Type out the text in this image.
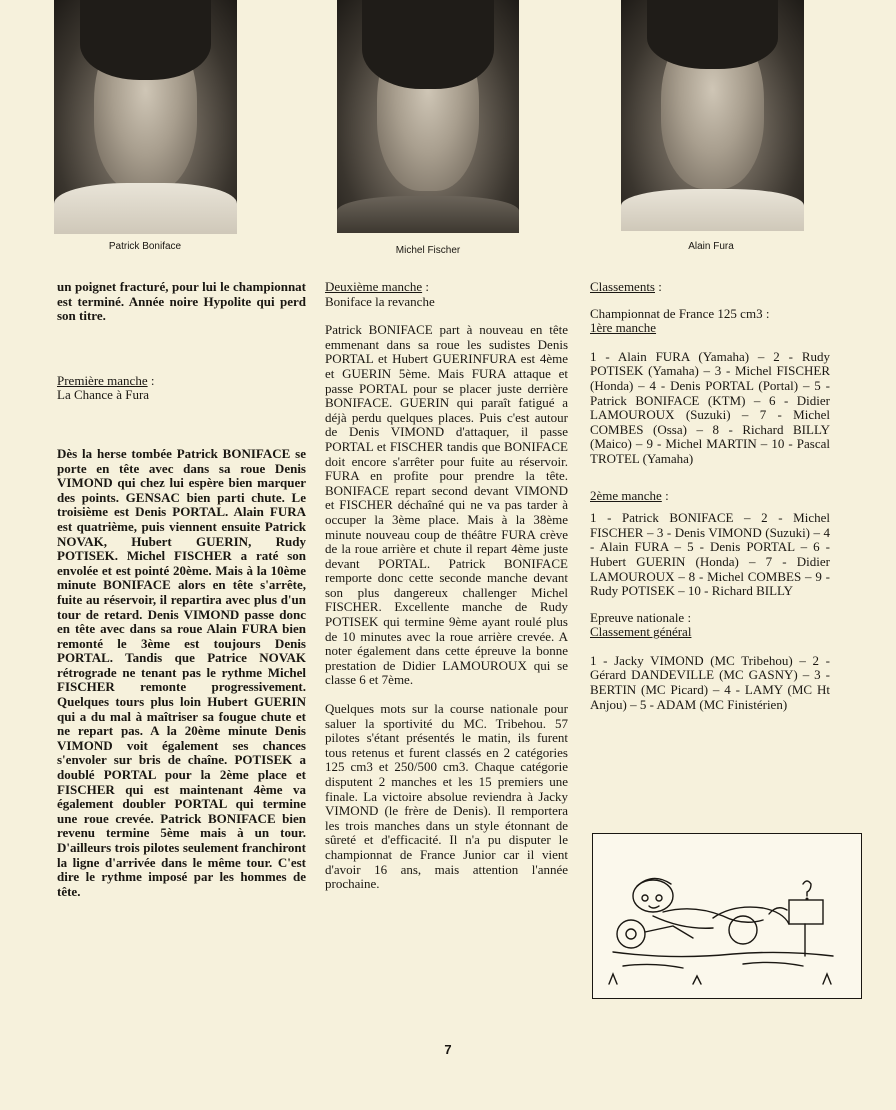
Patrick Boniface	Michel Fischer	Alain Fura

un poignet fracturé, pour lui le championnat est terminé. Année noire Hypolite qui perd son titre.

Première manche :

La Chance à Fura

Dès la herse tombée Patrick BONIFACE se porte en tête avec dans sa roue Denis VIMOND qui chez lui espère bien marquer des points. GENSAC bien parti chute. Le troisième est Denis PORTAL. Alain FURA est quatrième, puis viennent ensuite Patrick NOVAK, Hubert GUERIN, Rudy POTISEK. Michel FISCHER a raté son envolée et est pointé 20ème. Mais à la 10ème minute BONIFACE alors en tête s'arrête, fuite au réservoir, il repartira avec plus d'un tour de retard. Denis VIMOND passe donc en tête avec dans sa roue Alain FURA bien remonté le 3ème est toujours Denis PORTAL. Tandis que Patrice NOVAK rétrograde ne tenant pas le rythme Michel FISCHER remonte progressivement. Quelques tours plus loin Hubert GUERIN qui a du mal à maîtriser sa fougue chute et ne repart pas. A la 20ème minute Denis VIMOND voit également ses chances s'envoler sur bris de chaîne. POTISEK a doublé PORTAL pour la 2ème place et FISCHER qui est maintenant 4ème va également doubler PORTAL qui termine une roue crevée. Patrick BONIFACE bien revenu termine 5ème mais à un tour. D'ailleurs trois pilotes seulement franchiront la ligne d'arrivée dans le même tour. C'est dire le rythme imposé par les hommes de tête.

Deuxième manche :

Boniface la revanche

Patrick BONIFACE part à nouveau en tête emmenant dans sa roue les sudistes Denis PORTAL et Hubert GUERINFURA est 4ème et GUERIN 5ème. Mais FURA attaque et passe PORTAL pour se placer juste derrière BONIFACE. GUERIN qui paraît fatigué a déjà perdu quelques places. Puis c'est autour de Denis VIMOND d'attaquer, il passe PORTAL et FISCHER tandis que BONIFACE doit encore s'arrêter pour fuite au réservoir. FURA en profite pour prendre la tête. BONIFACE repart second devant VIMOND et FISCHER déchaîné qui ne va pas tarder à occuper la 3ème place. Mais à la 38ème minute nouveau coup de théâtre FURA crève de la roue arrière et chute il repart 4ème juste devant PORTAL. Patrick BONIFACE remporte donc cette seconde manche devant son plus dangereux challenger Michel FISCHER. Excellente manche de Rudy POTISEK qui termine 9ème ayant roulé plus de 10 minutes avec la roue arrière crevée. A noter également dans cette épreuve la bonne prestation de Didier LAMOUROUX qui se classe 6 et 7ème.

Quelques mots sur la course nationale pour saluer la sportivité du MC. Tribehou. 57 pilotes s'étant présentés le matin, ils furent tous retenus et furent classés en 2 catégories 125 cm3 et 250/500 cm3. Chaque catégorie disputent 2 manches et les 15 premiers une finale. La victoire absolue reviendra à Jacky VIMOND (le frère de Denis). Il remportera les trois manches dans un style étonnant de sûreté et d'efficacité. Il n'a pu disputer le championnat de France Junior car il vient d'avoir 16 ans, mais attention l'année prochaine.

Classements :

Championnat de France 125 cm3 :

1ère manche

1 - Alain FURA (Yamaha) – 2 - Rudy POTISEK (Yamaha) – 3 - Michel FISCHER (Honda) – 4 - Denis PORTAL (Portal) – 5 - Patrick BONIFACE (KTM) – 6 - Didier LAMOUROUX (Suzuki) – 7 - Michel COMBES (Ossa) – 8 - Richard BILLY (Maico) – 9 - Michel MARTIN – 10 - Pascal TROTEL (Yamaha)

2ème manche :

1 - Patrick BONIFACE – 2 - Michel FISCHER – 3 - Denis VIMOND (Suzuki) – 4 - Alain FURA – 5 - Denis PORTAL – 6 - Hubert GUERIN (Honda) – 7 - Didier LAMOUROUX – 8 - Michel COMBES – 9 - Rudy POTISEK – 10 - Richard BILLY

Epreuve nationale :

Classement général

1 - Jacky VIMOND (MC Tribehou) – 2 - Gérard DANDEVILLE (MC GASNY) – 3 - BERTIN (MC Picard) – 4 - LAMY (MC Ht Anjou) – 5 - ADAM (MC Finistérien)

7
